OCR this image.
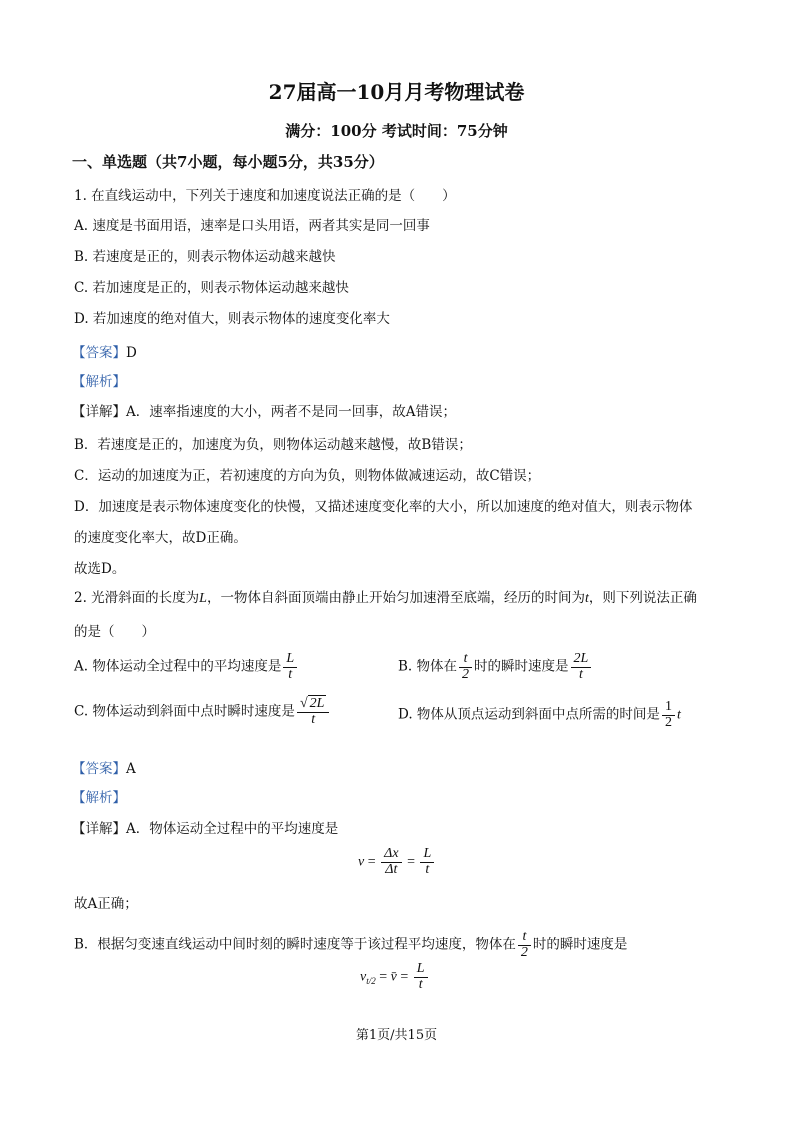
27届高一10月月考物理试卷
满分：100分 考试时间：75分钟
一、单选题（共7小题，每小题5分，共35分）
1. 在直线运动中，下列关于速度和加速度说法正确的是（　　）
A. 速度是书面用语，速率是口头用语，两者其实是同一回事
B. 若速度是正的，则表示物体运动越来越快
C. 若加速度是正的，则表示物体运动越来越快
D. 若加速度的绝对值大，则表示物体的速度变化率大
【答案】D
【解析】
【详解】A．速率指速度的大小，两者不是同一回事，故A错误；
B．若速度是正的，加速度为负，则物体运动越来越慢，故B错误；
C．运动的加速度为正，若初速度的方向为负，则物体做减速运动，故C错误；
D．加速度是表示物体速度变化的快慢，又描述速度变化率的大小，所以加速度的绝对值大，则表示物体
的速度变化率大，故D正确。
故选D。
2. 光滑斜面的长度为L，一物体自斜面顶端由静止开始匀加速滑至底端，经历的时间为t，则下列说法正确
的是（　　）
A. 物体运动全过程中的平均速度是 $\frac{L}{t}$	B. 物体在 $\frac{t}{2}$ 时的瞬时速度是 $\frac{2L}{t}$
C. 物体运动到斜面中点时瞬时速度是 $\frac{√ 2L}{t}$	D. 物体从顶点运动到斜面中点所需的时间是 $\frac{1}{2}$ t
【答案】A
【解析】
【详解】A．物体运动全过程中的平均速度是
$v = \frac{\Delta x}{\Delta t} = \frac{L}{t}$
故A正确；
B．根据匀变速直线运动中间时刻的瞬时速度等于该过程平均速度，物体在 $\frac{t}{2}$ 时的瞬时速度是
$v_{t/2}$ = v̄ = $\frac{L}{t}$
第1页/共15页
